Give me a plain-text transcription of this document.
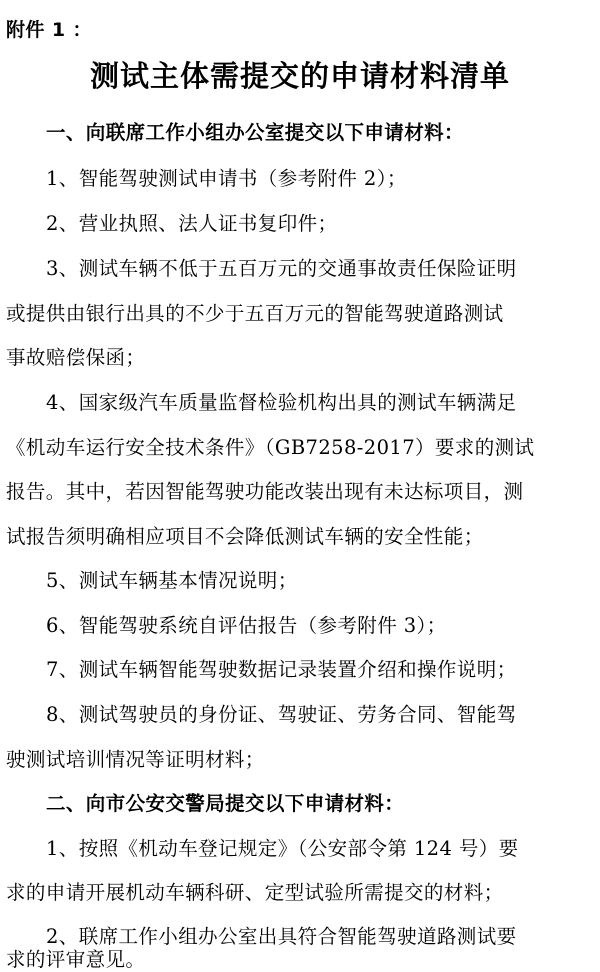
附件 1 ：
测试主体需提交的申请材料清单
一、向联席工作小组办公室提交以下申请材料：
1、智能驾驶测试申请书（参考附件 2）；
2、营业执照、法人证书复印件；
3、测试车辆不低于五百万元的交通事故责任保险证明
或提供由银行出具的不少于五百万元的智能驾驶道路测试
事故赔偿保函；
4、国家级汽车质量监督检验机构出具的测试车辆满足
《机动车运行安全技术条件》（GB7258-2017）要求的测试
报告。其中，若因智能驾驶功能改装出现有未达标项目，测
试报告须明确相应项目不会降低测试车辆的安全性能；
5、测试车辆基本情况说明；
6、智能驾驶系统自评估报告（参考附件 3）；
7、测试车辆智能驾驶数据记录装置介绍和操作说明；
8、测试驾驶员的身份证、驾驶证、劳务合同、智能驾
驶测试培训情况等证明材料；
二、向市公安交警局提交以下申请材料：
1、按照《机动车登记规定》（公安部令第 124 号）要
求的申请开展机动车辆科研、定型试验所需提交的材料；
2、联席工作小组办公室出具符合智能驾驶道路测试要
求的评审意见。
